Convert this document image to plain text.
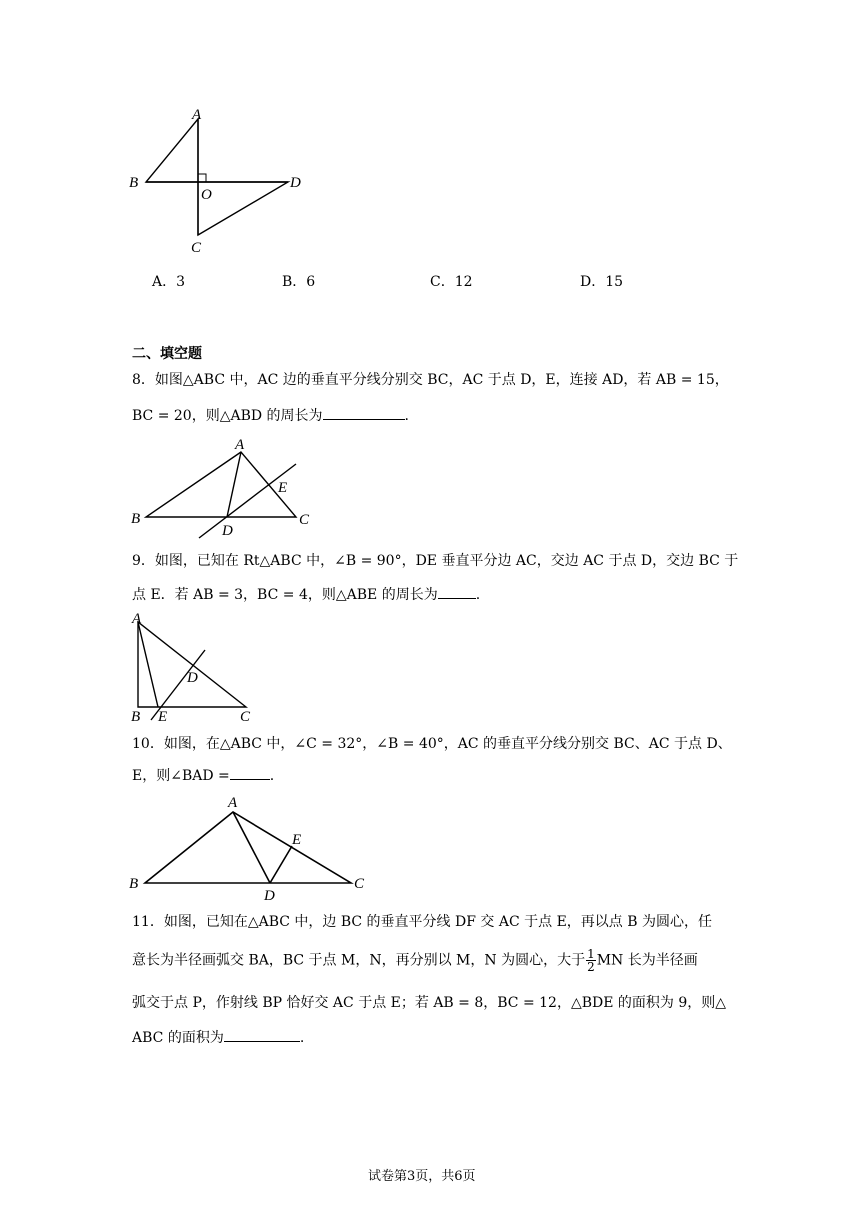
A
B
O
D
C
A．3	B．6	C．12	D．15
二、填空题
8．如图△ABC 中，AC 边的垂直平分线分别交 BC，AC 于点 D，E，连接 AD，若 AB = 15，
BC = 20，则△ABD 的周长为	.
A
E
B
D
C
9．如图，已知在 Rt△ABC 中，∠B = 90°，DE 垂直平分边 AC，交边 AC 于点 D，交边 BC 于
点 E．若 AB = 3，BC = 4，则△ABE 的周长为	.
A
D
B E	C
10．如图，在△ABC 中，∠C = 32°，∠B = 40°，AC 的垂直平分线分别交 BC、AC 于点 D、
E，则∠BAD =	.
A
E
B
D
C
11．如图，已知在△ABC 中，边 BC 的垂直平分线 DF 交 AC 于点 E，再以点 B 为圆心，任
意长为半径画弧交 BA，BC 于点 M，N，再分别以 M，N 为圆心，大于 $\frac{1}{2}$ MN 长为半径画
弧交于点 P，作射线 BP 恰好交 AC 于点 E；若 AB = 8，BC = 12，△BDE 的面积为 9，则△
ABC 的面积为	.
试卷第3页，共6页
